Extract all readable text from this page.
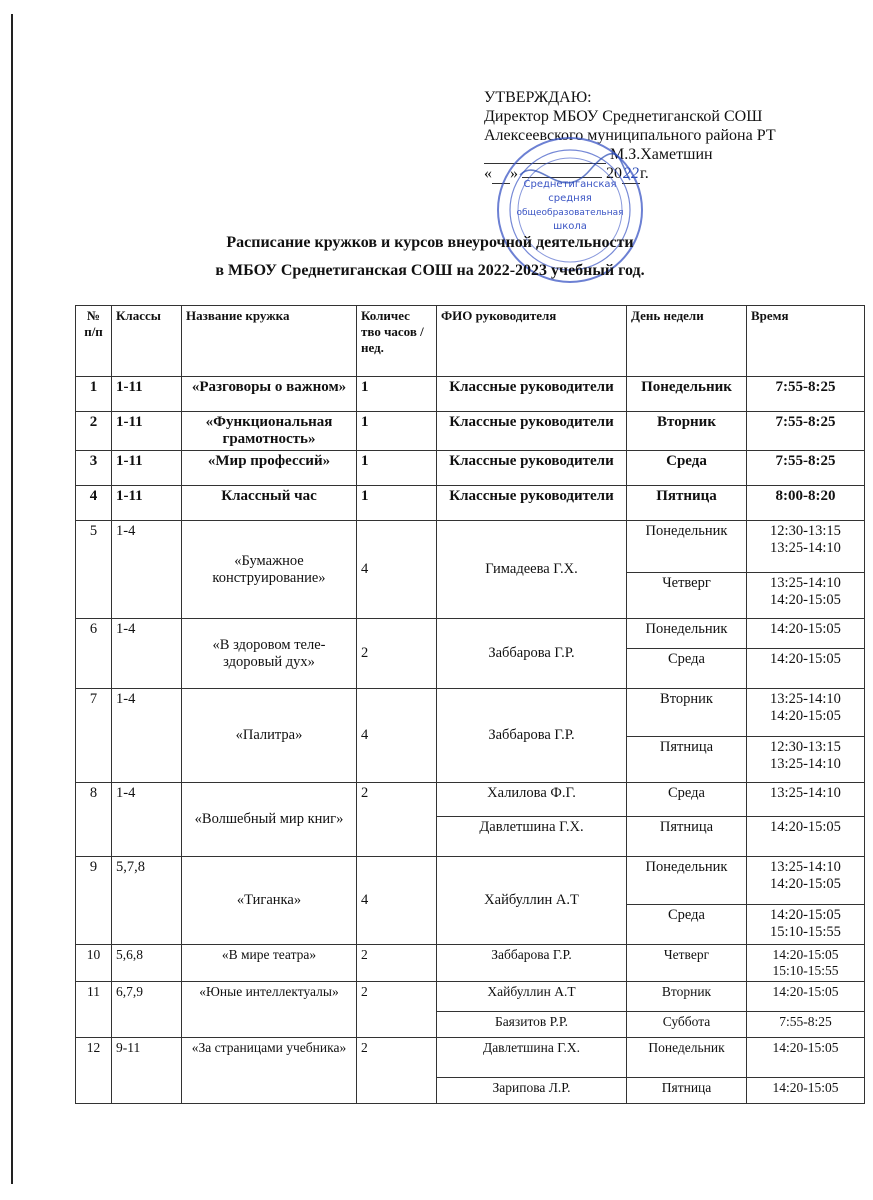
УТВЕРЖДАЮ:
Директор МБОУ Среднетиганской СОШ
Алексеевского муниципального района РТ
М.З.Хаметшин
« »	2022г.
Среднетиганская
средняя
общеобразовательная
школа
Расписание кружков и курсов внеурочной деятельности
в МБОУ Среднетиганская СОШ на 2022-2023 учебный год.
№ п/п	Классы	Название кружка	Количес тво часов /нед.	ФИО руководителя	День недели	Время
1	1-11	«Разговоры о важном»	1	Классные руководители	Понедельник	7:55-8:25
2	1-11	«Функциональная грамотность»	1	Классные руководители	Вторник	7:55-8:25
3	1-11	«Мир профессий»	1	Классные руководители	Среда	7:55-8:25
4	1-11	Классный час	1	Классные руководители	Пятница	8:00-8:20
5	1-4	«Бумажное конструирование»	4	Гимадеева Г.Х.	Понедельник	12:30-13:15
13:25-14:10

					Четверг	13:25-14:10
14:20-15:05

6	1-4	«В здоровом теле- здоровый дух»	2	Заббарова Г.Р.	Понедельник	14:20-15:05
					Среда	14:20-15:05
7	1-4	«Палитра»	4	Заббарова Г.Р.	Вторник	13:25-14:10
14:20-15:05

					Пятница	12:30-13:15
13:25-14:10

8	1-4	«Волшебный мир книг»	2	Халилова Ф.Г.	Среда	13:25-14:10
				Давлетшина Г.Х.	Пятница	14:20-15:05
9	5,7,8	«Тиганка»	4	Хайбуллин А.Т	Понедельник	13:25-14:10
14:20-15:05

					Среда	14:20-15:05
15:10-15:55

10	5,6,8	«В мире театра»	2	Заббарова Г.Р.	Четверг	14:20-15:05
15:10-15:55

11	6,7,9	«Юные интеллектуалы»	2	Хайбуллин А.Т	Вторник	14:20-15:05
				Баязитов Р.Р.	Суббота	7:55-8:25
12	9-11	«За страницами учебника»	2	Давлетшина Г.Х.	Понедельник	14:20-15:05
				Зарипова Л.Р.	Пятница	14:20-15:05
